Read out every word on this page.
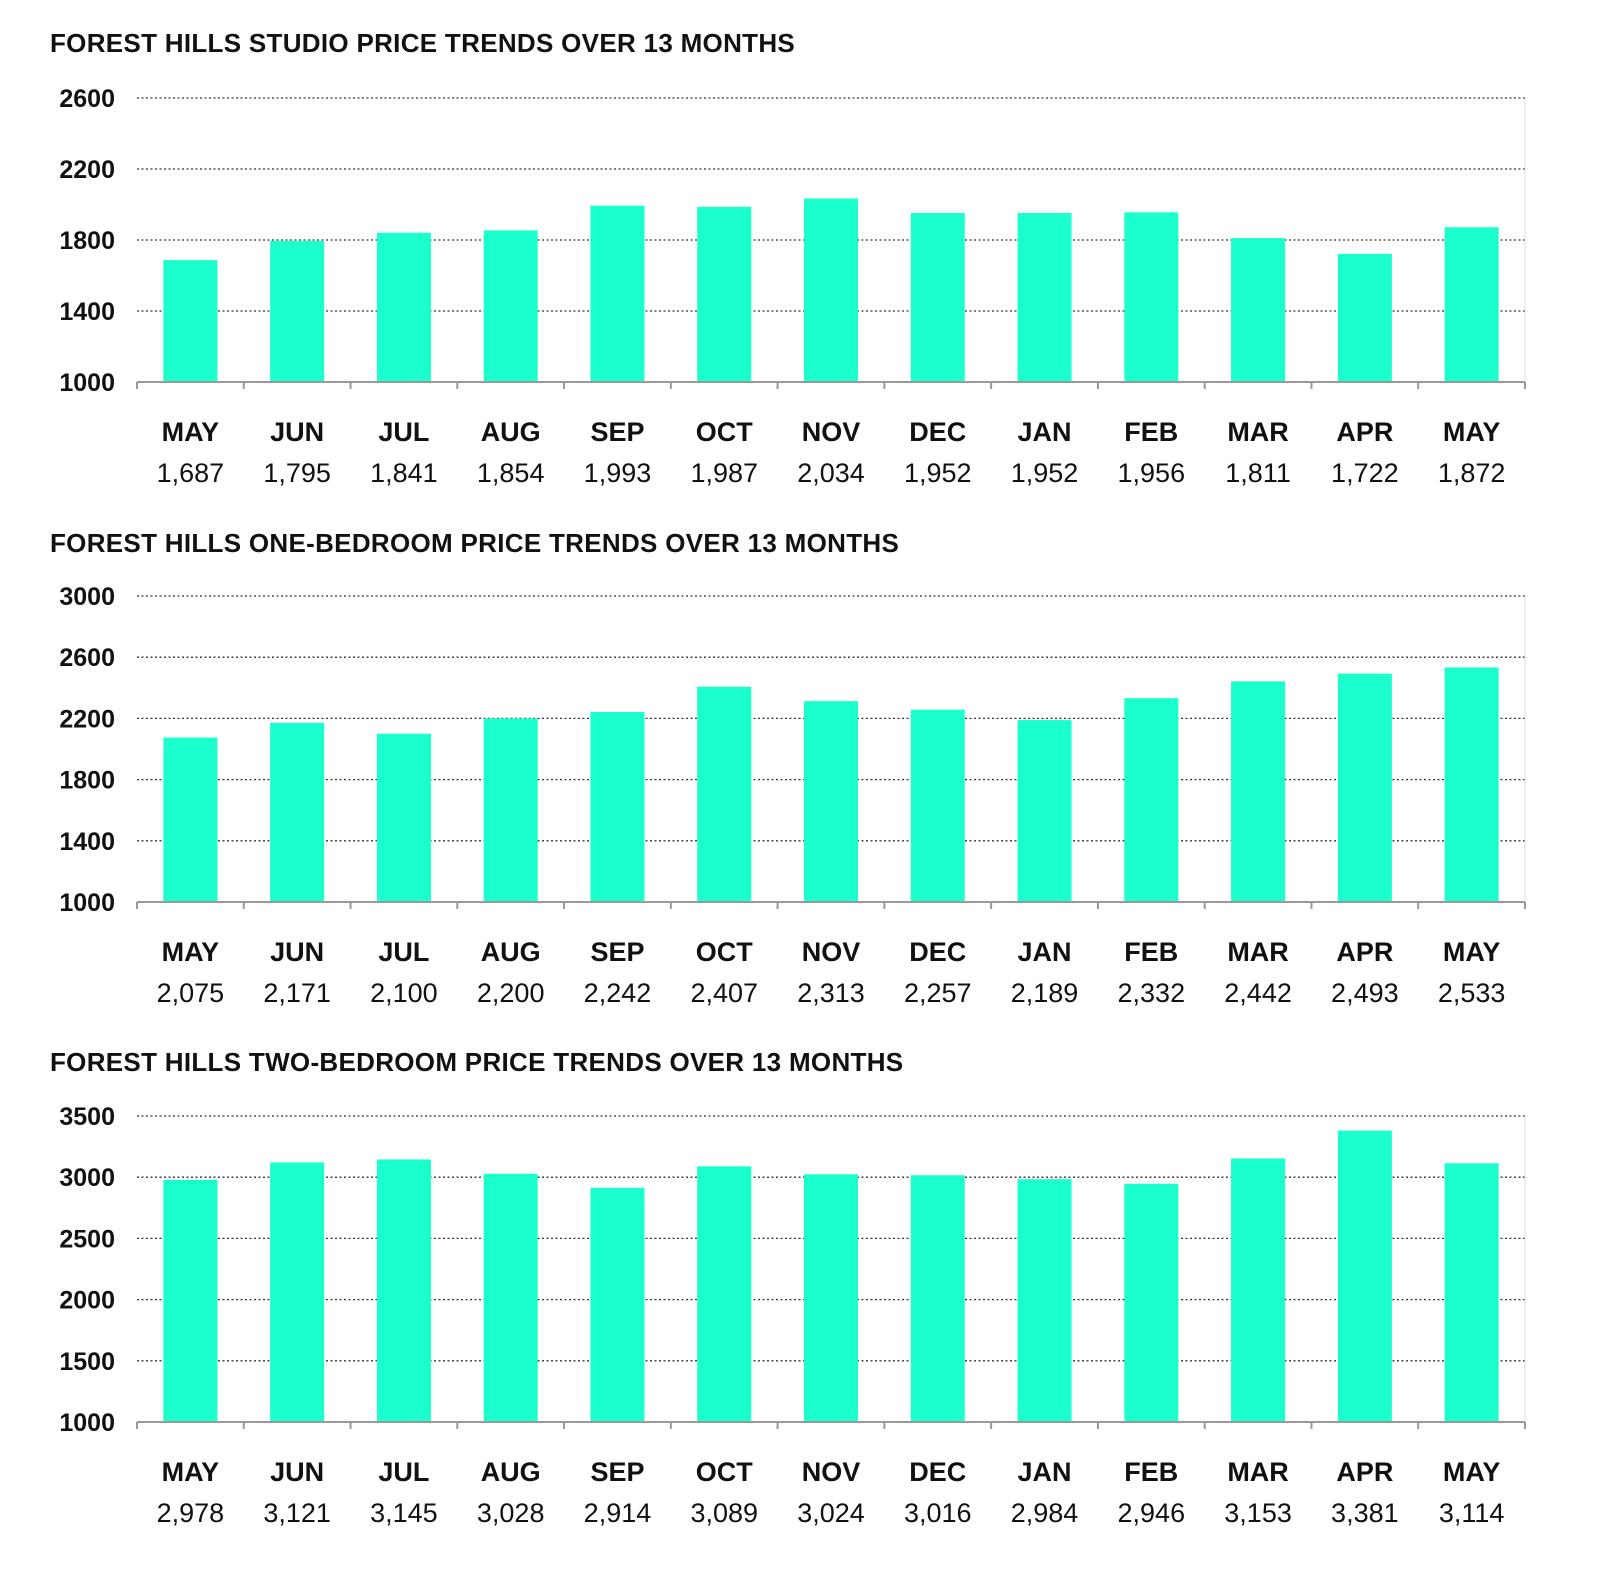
FOREST HILLS STUDIO PRICE TRENDS OVER 13 MONTHS
1000
1400
1800
2200
2600
MAY
1,687
JUN
1,795
JUL
1,841
AUG
1,854
SEP
1,993
OCT
1,987
NOV
2,034
DEC
1,952
JAN
1,952
FEB
1,956
MAR
1,811
APR
1,722
MAY
1,872
FOREST HILLS ONE-BEDROOM PRICE TRENDS OVER 13 MONTHS
1000
1400
1800
2200
2600
3000
MAY
2,075
JUN
2,171
JUL
2,100
AUG
2,200
SEP
2,242
OCT
2,407
NOV
2,313
DEC
2,257
JAN
2,189
FEB
2,332
MAR
2,442
APR
2,493
MAY
2,533
FOREST HILLS TWO-BEDROOM PRICE TRENDS OVER 13 MONTHS
1000
1500
2000
2500
3000
3500
MAY
2,978
JUN
3,121
JUL
3,145
AUG
3,028
SEP
2,914
OCT
3,089
NOV
3,024
DEC
3,016
JAN
2,984
FEB
2,946
MAR
3,153
APR
3,381
MAY
3,114
